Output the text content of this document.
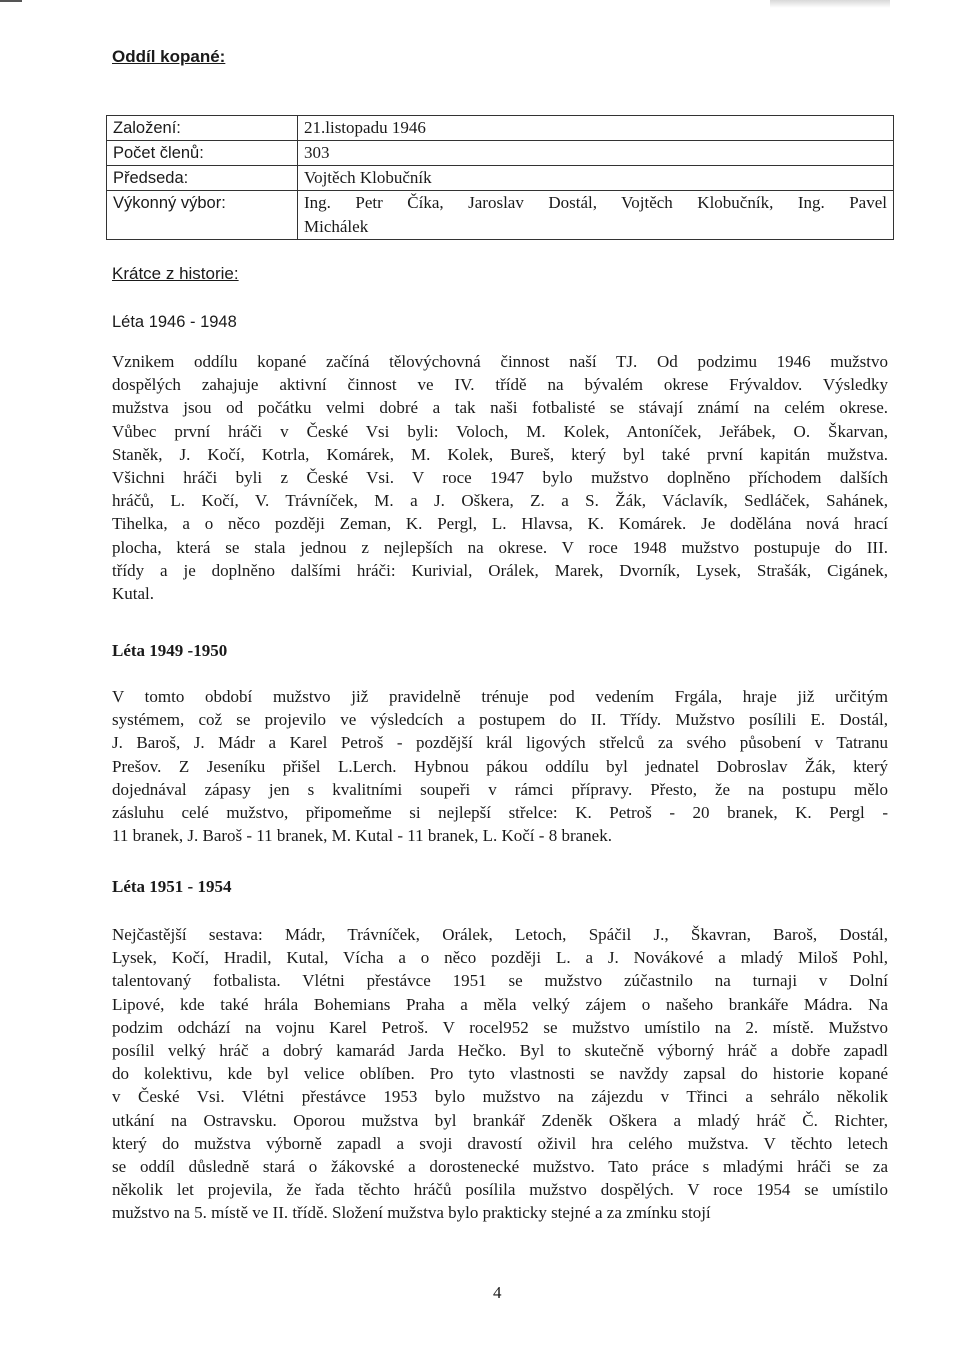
Oddíl kopané:
Založení:	21.listopadu 1946
Počet členů:	303
Předseda:	Vojtěch Klobučník
Výkonný výbor:	Ing. Petr Číka, Jaroslav Dostál, Vojtěch Klobučník, Ing. Pavel
Michálek
Krátce z historie:
Léta 1946 - 1948
Vznikem oddílu kopané začíná tělovýchovná činnost naší TJ. Od podzimu 1946 mužstvo
dospělých zahajuje aktivní činnost ve IV. třídě na bývalém okrese Frývaldov. Výsledky
mužstva jsou od počátku velmi dobré a tak naši fotbalisté se stávají známí na celém okrese.
Vůbec první hráči v České Vsi byli: Voloch, M. Kolek, Antoníček, Jeřábek, O. Škarvan,
Staněk, J. Kočí, Kotrla, Komárek, M. Kolek, Bureš, který byl také první kapitán mužstva.
Všichni hráči byli z České Vsi. V roce 1947 bylo mužstvo doplněno příchodem dalších
hráčů, L. Kočí, V. Trávníček, M. a J. Oškera, Z. a S. Žák, Václavík, Sedláček, Sahánek,
Tihelka, a o něco později Zeman, K. Pergl, L. Hlavsa, K. Komárek. Je dodělána nová hrací
plocha, která se stala jednou z nejlepších na okrese. V roce 1948 mužstvo postupuje do III.
třídy a je doplněno dalšími hráči: Kurivial, Orálek, Marek, Dvorník, Lysek, Strašák, Cigánek,
Kutal.
Léta 1949 -1950
V tomto období mužstvo již pravidelně trénuje pod vedením Frgála, hraje již určitým
systémem, což se projevilo ve výsledcích a postupem do II. Třídy. Mužstvo posílili E. Dostál,
J. Baroš, J. Mádr a Karel Petroš - pozdější král ligových střelců za svého působení v Tatranu
Prešov. Z Jeseníku přišel L.Lerch. Hybnou pákou oddílu byl jednatel Dobroslav Žák, který
dojednával zápasy jen s kvalitními soupeři v rámci přípravy. Přesto, že na postupu mělo
zásluhu celé mužstvo, připomeňme si nejlepší střelce: K. Petroš - 20 branek, K. Pergl -
11 branek, J. Baroš - 11 branek, M. Kutal - 11 branek, L. Kočí - 8 branek.
Léta 1951 - 1954
Nejčastější sestava: Mádr, Trávníček, Orálek, Letoch, Spáčil J., Škavran, Baroš, Dostál,
Lysek, Kočí, Hradil, Kutal, Vícha a o něco později L. a J. Novákové a mladý Miloš Pohl,
talentovaný fotbalista. Vlétni přestávce 1951 se mužstvo zúčastnilo na turnaji v Dolní
Lipové, kde také hrála Bohemians Praha a měla velký zájem o našeho brankáře Mádra. Na
podzim odchází na vojnu Karel Petroš. V rocel952 se mužstvo umístilo na 2. místě. Mužstvo
posílil velký hráč a dobrý kamarád Jarda Hečko. Byl to skutečně výborný hráč a dobře zapadl
do kolektivu, kde byl velice oblíben. Pro tyto vlastnosti se navždy zapsal do historie kopané
v České Vsi. Vlétni přestávce 1953 bylo mužstvo na zájezdu v Třinci a sehrálo několik
utkání na Ostravsku. Oporou mužstva byl brankář Zdeněk Oškera a mladý hráč Č. Richter,
který do mužstva výborně zapadl a svoji dravostí oživil hra celého mužstva. V těchto letech
se oddíl důsledně stará o žákovské a dorostenecké mužstvo. Tato práce s mladými hráči se za
několik let projevila, že řada těchto hráčů posílila mužstvo dospělých. V roce 1954 se umístilo
mužstvo na 5. místě ve II. třídě. Složení mužstva bylo prakticky stejné a za zmínku stojí
4
